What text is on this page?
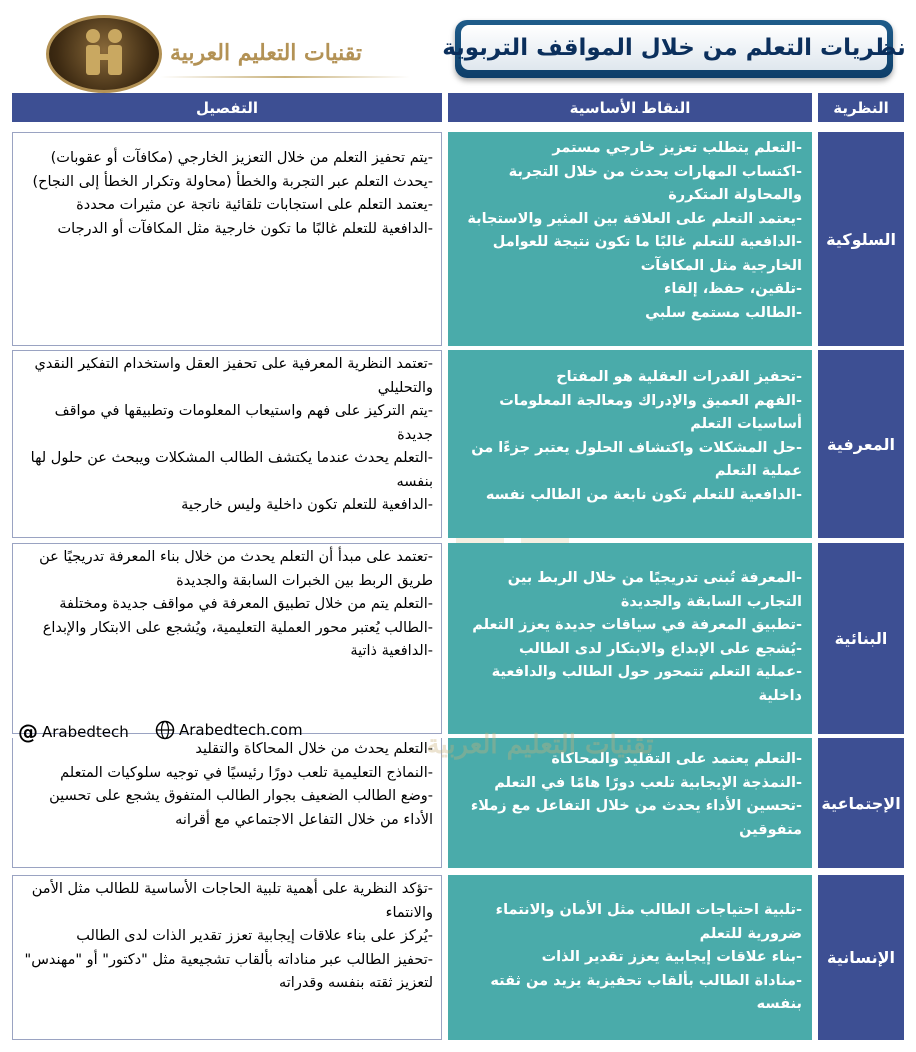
نظريات التعلم من خلال المواقف التربوية
تقنيات التعليم العربية
النظرية
النقاط الأساسية
التفصيل
السلوكية
-التعلم يتطلب تعزيز خارجي مستمر
-اكتساب المهارات يحدث من خلال التجربة والمحاولة المتكررة
-يعتمد التعلم على العلاقة بين المثير والاستجابة
-الدافعية للتعلم غالبًا ما تكون نتيجة للعوامل الخارجية مثل المكافآت
-تلقين، حفظ، إلقاء
-الطالب مستمع سلبي
-يتم تحفيز التعلم من خلال التعزيز الخارجي (مكافآت أو عقوبات)
-يحدث التعلم عبر التجربة والخطأ (محاولة وتكرار الخطأ إلى النجاح)
-يعتمد التعلم على استجابات تلقائية ناتجة عن مثيرات محددة
-الدافعية للتعلم غالبًا ما تكون خارجية مثل المكافآت أو الدرجات
المعرفية
-تحفيز القدرات العقلية هو المفتاح
-الفهم العميق والإدراك ومعالجة المعلومات أساسيات التعلم
-حل المشكلات واكتشاف الحلول يعتبر جزءًا من عملية التعلم
-الدافعية للتعلم تكون نابعة من الطالب نفسه
-تعتمد النظرية المعرفية على تحفيز العقل واستخدام التفكير النقدي والتحليلي
-يتم التركيز على فهم واستيعاب المعلومات وتطبيقها في مواقف جديدة
-التعلم يحدث عندما يكتشف الطالب المشكلات ويبحث عن حلول لها بنفسه
-الدافعية للتعلم تكون داخلية وليس خارجية
البنائية
-المعرفة تُبنى تدريجيًا من خلال الربط بين التجارب السابقة والجديدة
-تطبيق المعرفة في سياقات جديدة يعزز التعلم
-يُشجع على الإبداع والابتكار لدى الطالب
-عملية التعلم تتمحور حول الطالب والدافعية داخلية
-تعتمد على مبدأ أن التعلم يحدث من خلال بناء المعرفة تدريجيًا عن طريق الربط بين الخبرات السابقة والجديدة
-التعلم يتم من خلال تطبيق المعرفة في مواقف جديدة ومختلفة
-الطالب يُعتبر محور العملية التعليمية، ويُشجع على الابتكار والإبداع
-الدافعية ذاتية
@ Arabedtech	Arabedtech.com
الإجتماعية
-التعلم يعتمد على التقليد والمحاكاة
-النمذجة الإيجابية تلعب دورًا هامًا في التعلم
-تحسين الأداء يحدث من خلال التفاعل مع زملاء متفوقين
-التعلم يحدث من خلال المحاكاة والتقليد
-النماذج التعليمية تلعب دورًا رئيسيًا في توجيه سلوكيات المتعلم
-وضع الطالب الضعيف بجوار الطالب المتفوق يشجع على تحسين الأداء من خلال التفاعل الاجتماعي مع أقرانه
الإنسانية
-تلبية احتياجات الطالب مثل الأمان والانتماء ضرورية للتعلم
-بناء علاقات إيجابية يعزز تقدير الذات
-مناداة الطالب بألقاب تحفيزية يزيد من ثقته بنفسه
-تؤكد النظرية على أهمية تلبية الحاجات الأساسية للطالب مثل الأمن والانتماء
-يُركز على بناء علاقات إيجابية تعزز تقدير الذات لدى الطالب
-تحفيز الطالب عبر مناداته بألقاب تشجيعية مثل "دكتور" أو "مهندس" لتعزيز ثقته بنفسه وقدراته
تقنيات التعليم العربية
